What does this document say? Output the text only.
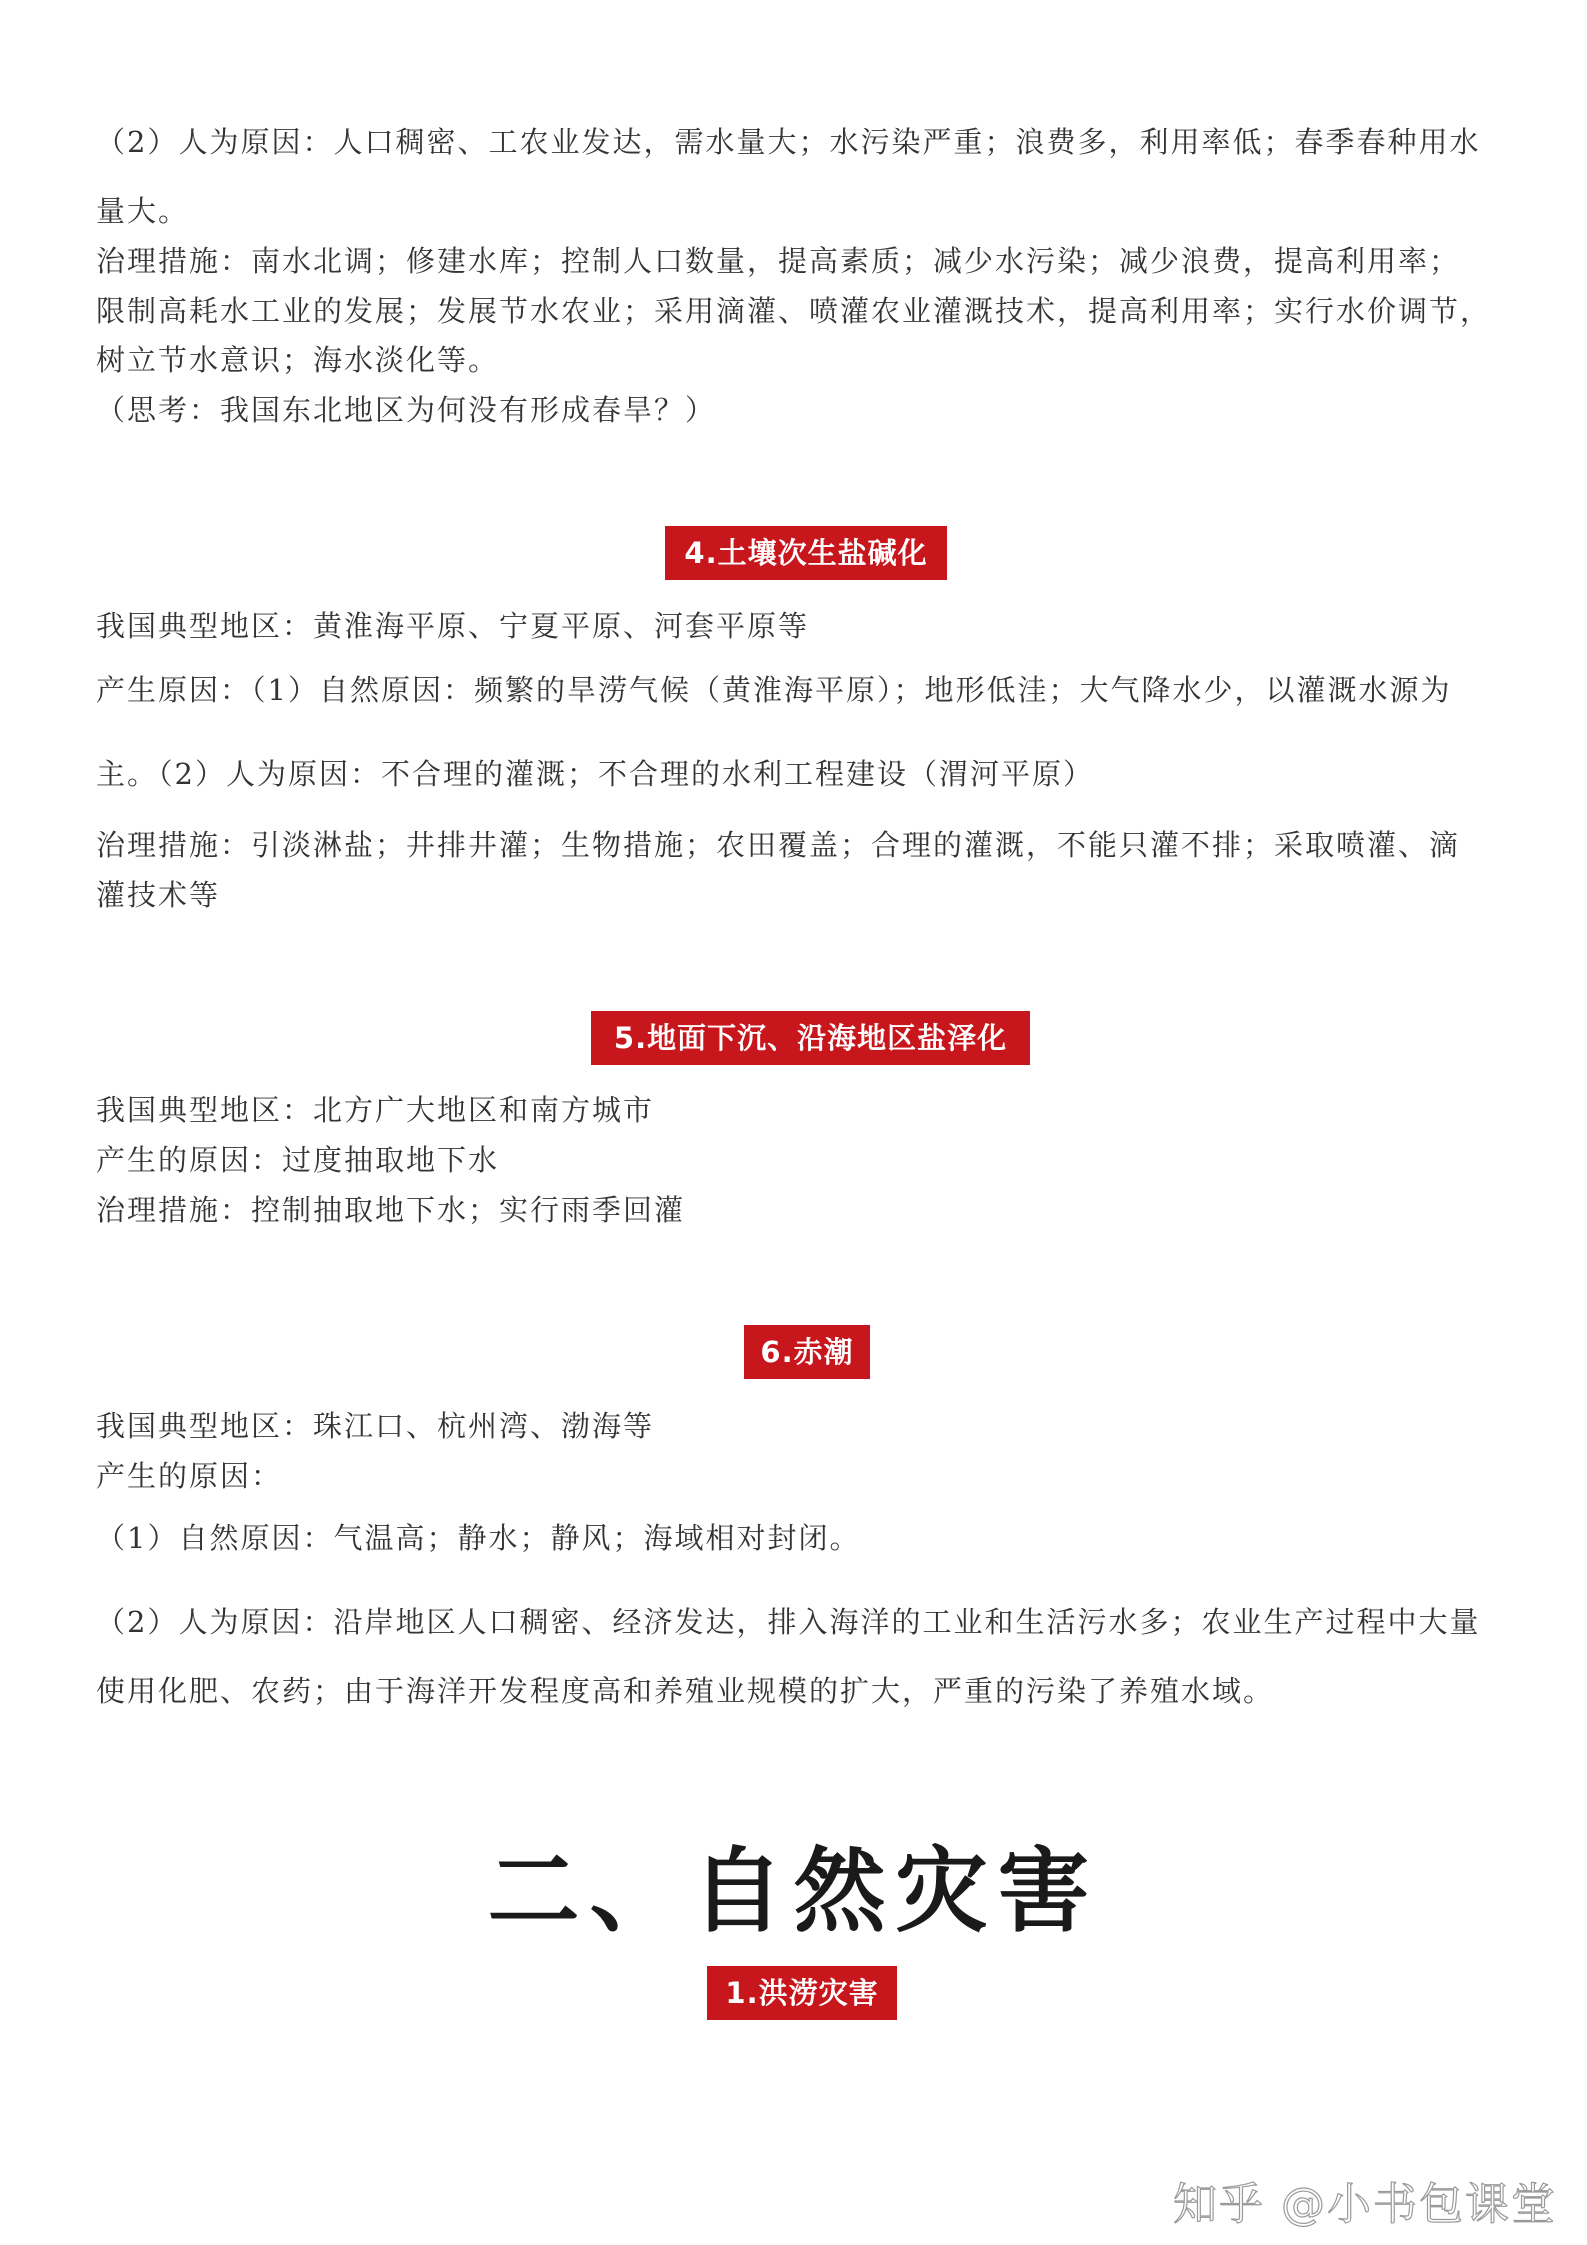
（2）人为原因：人口稠密、工农业发达，需水量大；水污染严重；浪费多，利用率低；春季春种用水

量大。

治理措施：南水北调；修建水库；控制人口数量，提高素质；减少水污染；减少浪费，提高利用率；

限制高耗水工业的发展；发展节水农业；采用滴灌、喷灌农业灌溉技术，提高利用率；实行水价调节，

树立节水意识；海水淡化等。

（思考：我国东北地区为何没有形成春旱？）

4.土壤次生盐碱化

我国典型地区：黄淮海平原、宁夏平原、河套平原等

产生原因：（1）自然原因：频繁的旱涝气候（黄淮海平原）；地形低洼；大气降水少，以灌溉水源为

主。（2）人为原因：不合理的灌溉；不合理的水利工程建设（渭河平原）

治理措施：引淡淋盐；井排井灌；生物措施；农田覆盖；合理的灌溉，不能只灌不排；采取喷灌、滴

灌技术等

5.地面下沉、沿海地区盐泽化

我国典型地区：北方广大地区和南方城市

产生的原因：过度抽取地下水

治理措施：控制抽取地下水；实行雨季回灌

6.赤潮

我国典型地区：珠江口、杭州湾、渤海等

产生的原因：

（1）自然原因：气温高；静水；静风；海域相对封闭。

（2）人为原因：沿岸地区人口稠密、经济发达，排入海洋的工业和生活污水多；农业生产过程中大量

使用化肥、农药；由于海洋开发程度高和养殖业规模的扩大，严重的污染了养殖水域。

二、自然灾害
1.洪涝灾害
知乎 @小书包课堂
